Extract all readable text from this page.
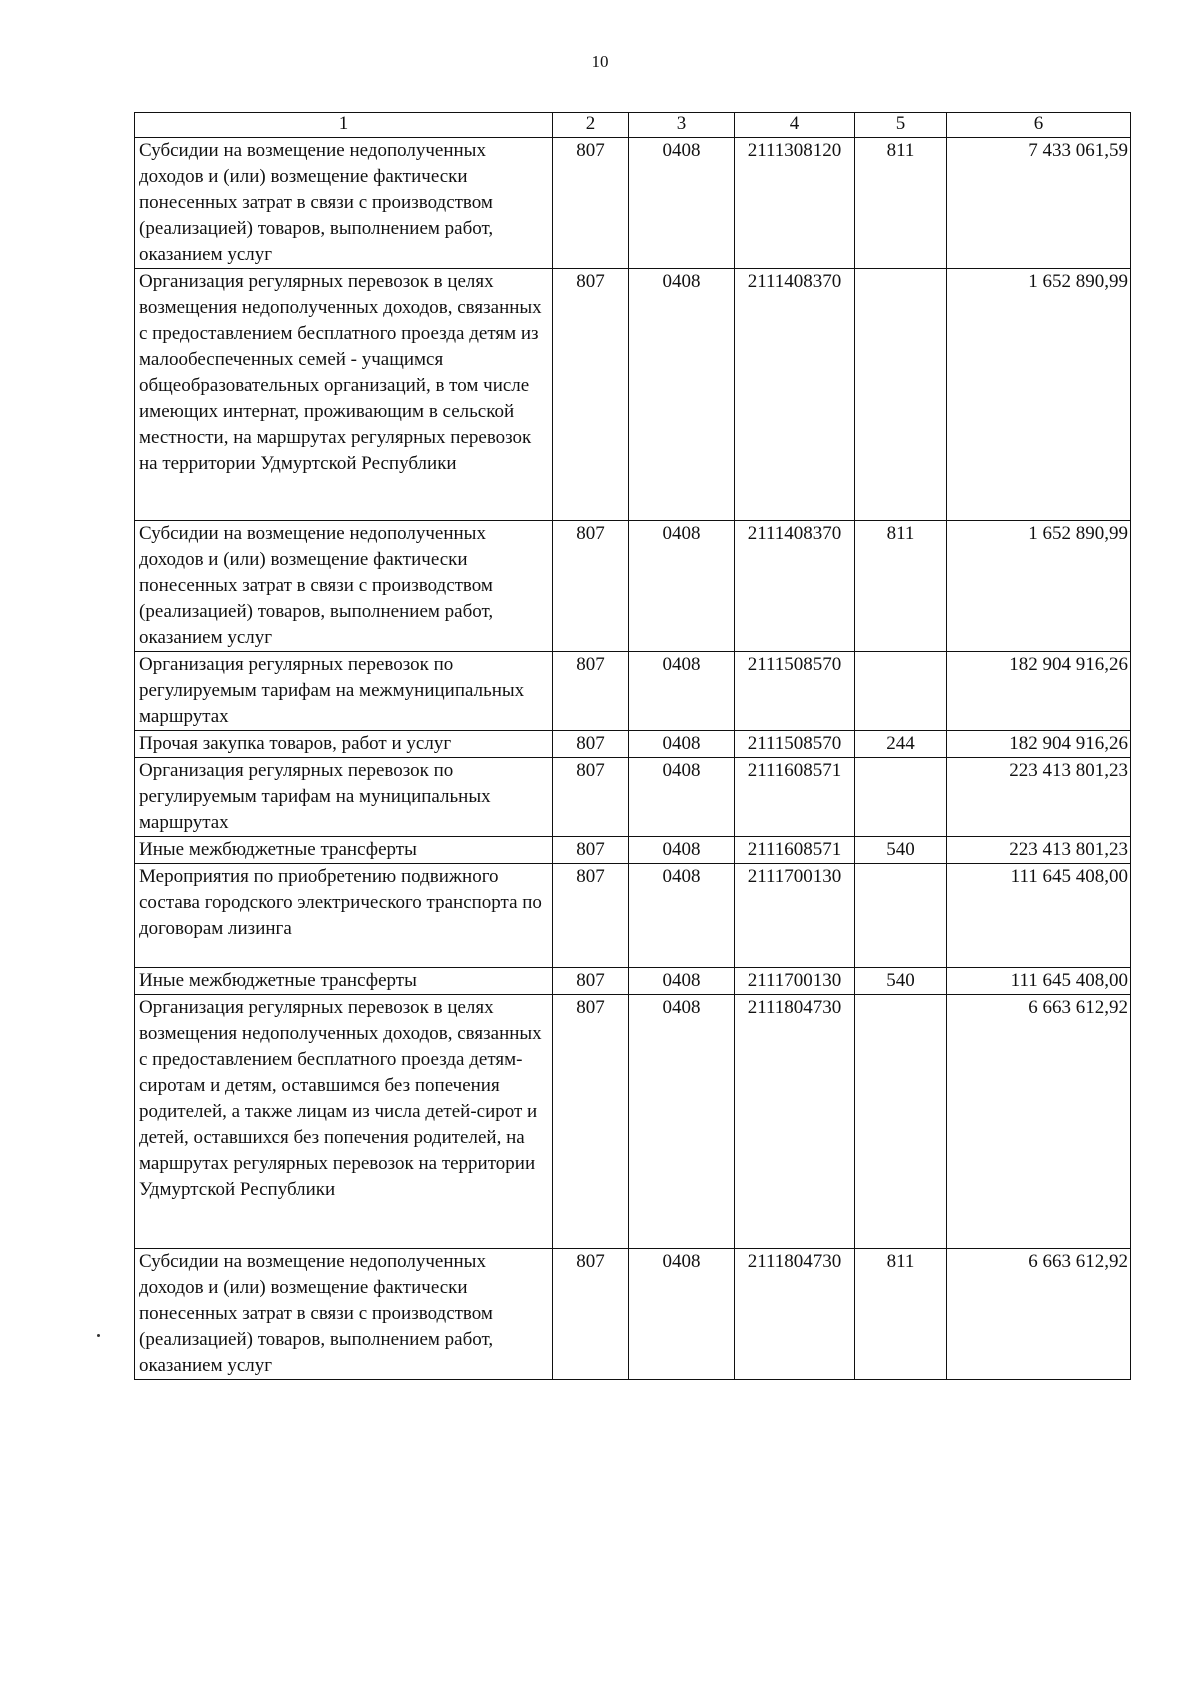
10
1	2	3	4	5	6
Субсидии на возмещение недополученных доходов и (или) возмещение фактически понесенных затрат в связи с производством (реализацией) товаров, выполнением работ, оказанием услуг	807	0408	2111308120	811	7 433 061,59
Организация регулярных перевозок в целях возмещения недополученных доходов, связанных с предоставлением бесплатного проезда детям из малообеспеченных семей - учащимся общеобразовательных организаций, в том числе имеющих интернат, проживающим в сельской местности, на маршрутах регулярных перевозок на территории Удмуртской Республики	807	0408	2111408370		1 652 890,99
Субсидии на возмещение недополученных доходов и (или) возмещение фактически понесенных затрат в связи с производством (реализацией) товаров, выполнением работ, оказанием услуг	807	0408	2111408370	811	1 652 890,99
Организация регулярных перевозок по регулируемым тарифам на межмуниципальных маршрутах	807	0408	2111508570		182 904 916,26
Прочая закупка товаров, работ и услуг	807	0408	2111508570	244	182 904 916,26
Организация регулярных перевозок по регулируемым тарифам на муниципальных маршрутах	807	0408	2111608571		223 413 801,23
Иные межбюджетные трансферты	807	0408	2111608571	540	223 413 801,23
Мероприятия по приобретению подвижного состава городского электрического транспорта по договорам лизинга	807	0408	2111700130		111 645 408,00
Иные межбюджетные трансферты	807	0408	2111700130	540	111 645 408,00
Организация регулярных перевозок в целях возмещения недополученных доходов, связанных с предоставлением бесплатного проезда детям-сиротам и детям, оставшимся без попечения родителей, а также лицам из числа детей-сирот и детей, оставшихся без попечения родителей, на маршрутах регулярных перевозок на территории Удмуртской Республики	807	0408	2111804730		6 663 612,92
Субсидии на возмещение недополученных доходов и (или) возмещение фактически понесенных затрат в связи с производством (реализацией) товаров, выполнением работ, оказанием услуг	807	0408	2111804730	811	6 663 612,92
